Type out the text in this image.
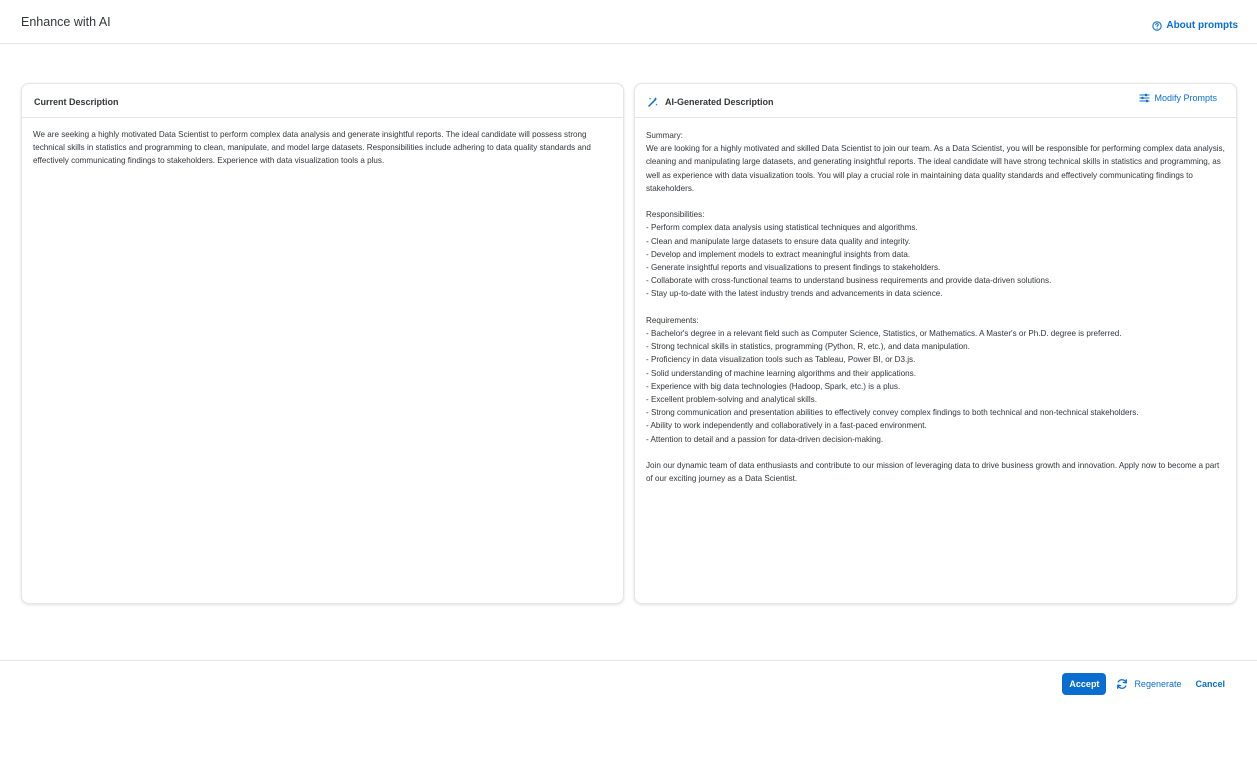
Enhance with AI	About prompts
Current Description
We are seeking a highly motivated Data Scientist to perform complex data analysis and generate insightful reports. The ideal candidate will possess strong technical skills in statistics and programming to clean, manipulate, and model large datasets. Responsibilities include adhering to data quality standards and effectively communicating findings to stakeholders. Experience with data visualization tools a plus.
AI-Generated Description	Modify Prompts
Summary:
We are looking for a highly motivated and skilled Data Scientist to join our team. As a Data Scientist, you will be responsible for performing complex data analysis, cleaning and manipulating large datasets, and generating insightful reports. The ideal candidate will have strong technical skills in statistics and programming, as well as experience with data visualization tools. You will play a crucial role in maintaining data quality standards and effectively communicating findings to stakeholders.

Responsibilities:
- Perform complex data analysis using statistical techniques and algorithms.
- Clean and manipulate large datasets to ensure data quality and integrity.
- Develop and implement models to extract meaningful insights from data.
- Generate insightful reports and visualizations to present findings to stakeholders.
- Collaborate with cross-functional teams to understand business requirements and provide data-driven solutions.
- Stay up-to-date with the latest industry trends and advancements in data science.

Requirements:
- Bachelor's degree in a relevant field such as Computer Science, Statistics, or Mathematics. A Master's or Ph.D. degree is preferred.
- Strong technical skills in statistics, programming (Python, R, etc.), and data manipulation.
- Proficiency in data visualization tools such as Tableau, Power BI, or D3.js.
- Solid understanding of machine learning algorithms and their applications.
- Experience with big data technologies (Hadoop, Spark, etc.) is a plus.
- Excellent problem-solving and analytical skills.
- Strong communication and presentation abilities to effectively convey complex findings to both technical and non-technical stakeholders.
- Ability to work independently and collaboratively in a fast-paced environment.
- Attention to detail and a passion for data-driven decision-making.

Join our dynamic team of data enthusiasts and contribute to our mission of leveraging data to drive business growth and innovation. Apply now to become a part of our exciting journey as a Data Scientist.
Accept	Regenerate Cancel
